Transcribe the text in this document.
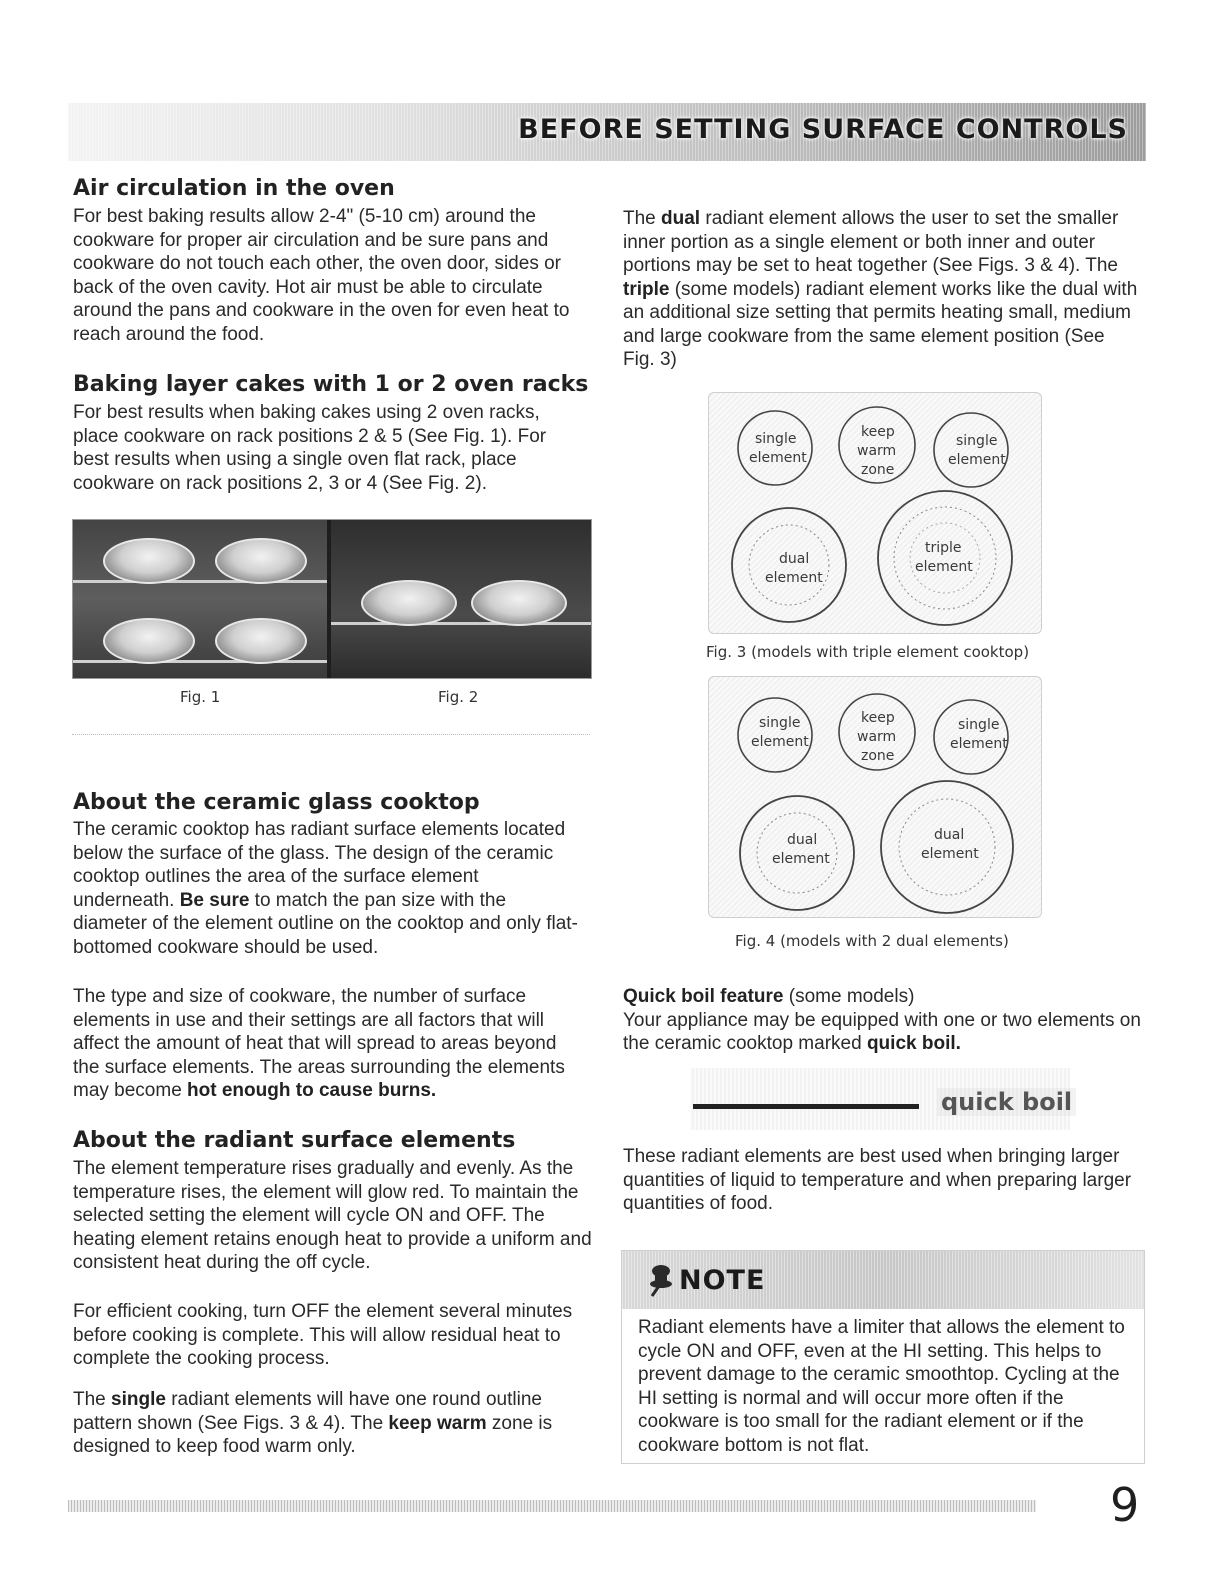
BEFORE SETTING SURFACE CONTROLS
Air circulation in the oven
For best baking results allow 2-4" (5-10 cm) around the cookware for proper air circulation and be sure pans and cookware do not touch each other, the oven door, sides or back of the oven cavity. Hot air must be able to circulate around the pans and cookware in the oven for even heat to reach around the food.
Baking layer cakes with 1 or 2 oven racks
For best results when baking cakes using 2 oven racks, place cookware on rack positions 2 & 5 (See Fig. 1). For best results when using a single oven flat rack, place cookware on rack positions 2, 3 or 4 (See Fig. 2).
Fig. 1	Fig. 2
About the ceramic glass cooktop
The ceramic cooktop has radiant surface elements located below the surface of the glass. The design of the ceramic cooktop outlines the area of the surface element underneath. Be sure to match the pan size with the diameter of the element outline on the cooktop and only flat-bottomed cookware should be used.
The type and size of cookware, the number of surface elements in use and their settings are all factors that will affect the amount of heat that will spread to areas beyond the surface elements. The areas surrounding the elements may become hot enough to cause burns.
About the radiant surface elements
The element temperature rises gradually and evenly. As the temperature rises, the element will glow red. To maintain the selected setting the element will cycle ON and OFF. The heating element retains enough heat to provide a uniform and consistent heat during the off cycle.
For efficient cooking, turn OFF the element several minutes before cooking is complete. This will allow residual heat to complete the cooking process.
The single radiant elements will have one round outline pattern shown (See Figs. 3 & 4). The keep warm zone is designed to keep food warm only.
The dual radiant element allows the user to set the smaller inner portion as a single element or both inner and outer portions may be set to heat together (See Figs. 3 & 4). The triple (some models) radiant element works like the dual with an additional size setting that permits heating small, medium and large cookware from the same element position (See Fig. 3)
single
element
keep
warm
zone
single
element
dual
element
triple
element
Fig. 3 (models with triple element cooktop)
single
element
keep
warm
zone
single
element
dual
element
dual
element
Fig. 4 (models with 2 dual elements)
Quick boil feature (some models)
Your appliance may be equipped with one or two elements on the ceramic cooktop marked quick boil.
quick boil
These radiant elements are best used when bringing larger quantities of liquid to temperature and when preparing larger quantities of food.
NOTE
Radiant elements have a limiter that allows the element to cycle ON and OFF, even at the HI setting. This helps to prevent damage to the ceramic smoothtop. Cycling at the HI setting is normal and will occur more often if the cookware is too small for the radiant element or if the cookware bottom is not flat.
9
